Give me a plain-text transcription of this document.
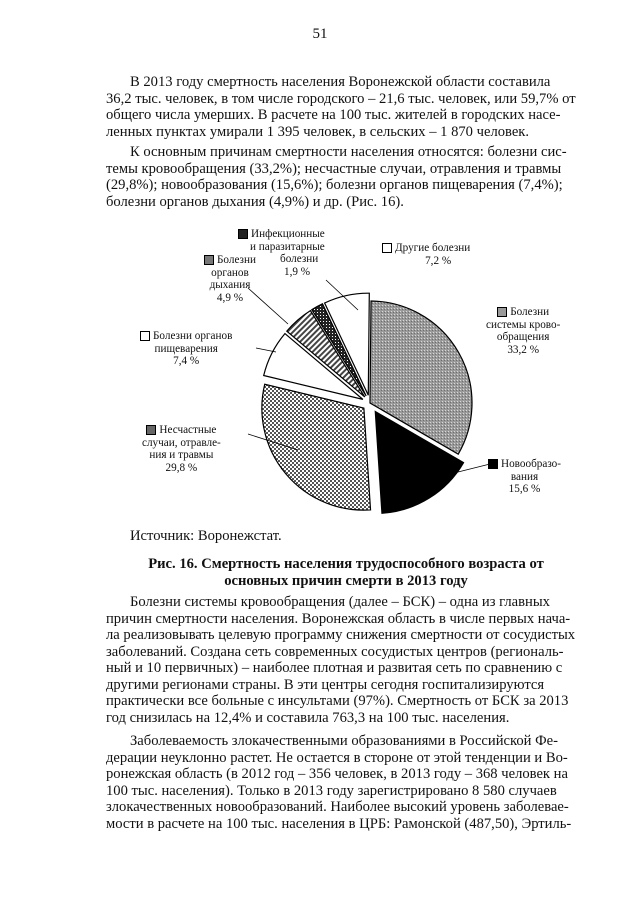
51

В 2013 году смертность населения Воронежской области составила
36,2 тыс. человек, в том числе городского – 21,6 тыс. человек, или 59,7% от
общего числа умерших. В расчете на 100 тыс. жителей в городских насе-
ленных пунктах умирали 1 395 человек, в сельских – 1 870 человек.

К основным причинам смертности населения относятся: болезни сис-
темы кровообращения (33,2%); несчастные случаи, отравления и травмы
(29,8%); новообразования (15,6%); болезни органов пищеварения (7,4%);
болезни органов дыхания (4,9%) и др. (Рис. 16).

Инфекционные
и паразитарные
болезни
1,9 %
Болезни
органов
дыхания
4,9 %
Другие болезни
7,2 %
Болезни органов
пищеварения
7,4 %
Болезни
системы крово-
обращения
33,2 %
Несчастные
случаи, отравле-
ния и травмы
29,8 %	Новообразо-
вания
15,6 %
Источник: Воронежстат.
Рис. 16. Смертность населения трудоспособного возраста от
основных причин смерти в 2013 году

Болезни системы кровообращения (далее – БСК) – одна из главных
причин смертности населения. Воронежская область в числе первых нача-
ла реализовывать целевую программу снижения смертности от сосудистых
заболеваний. Создана сеть современных сосудистых центров (региональ-
ный и 10 первичных) – наиболее плотная и развитая сеть по сравнению с
другими регионами страны. В эти центры сегодня госпитализируются
практически все больные с инсультами (97%). Смертность от БСК за 2013
год снизилась на 12,4% и составила 763,3 на 100 тыс. населения.

Заболеваемость злокачественными образованиями в Российской Фе-
дерации неуклонно растет. Не остается в стороне от этой тенденции и Во-
ронежская область (в 2012 год – 356 человек, в 2013 году – 368 человек на
100 тыс. населения). Только в 2013 году зарегистрировано 8 580 случаев
злокачественных новообразований. Наиболее высокий уровень заболевае-
мости в расчете на 100 тыс. населения в ЦРБ: Рамонской (487,50), Эртиль-
